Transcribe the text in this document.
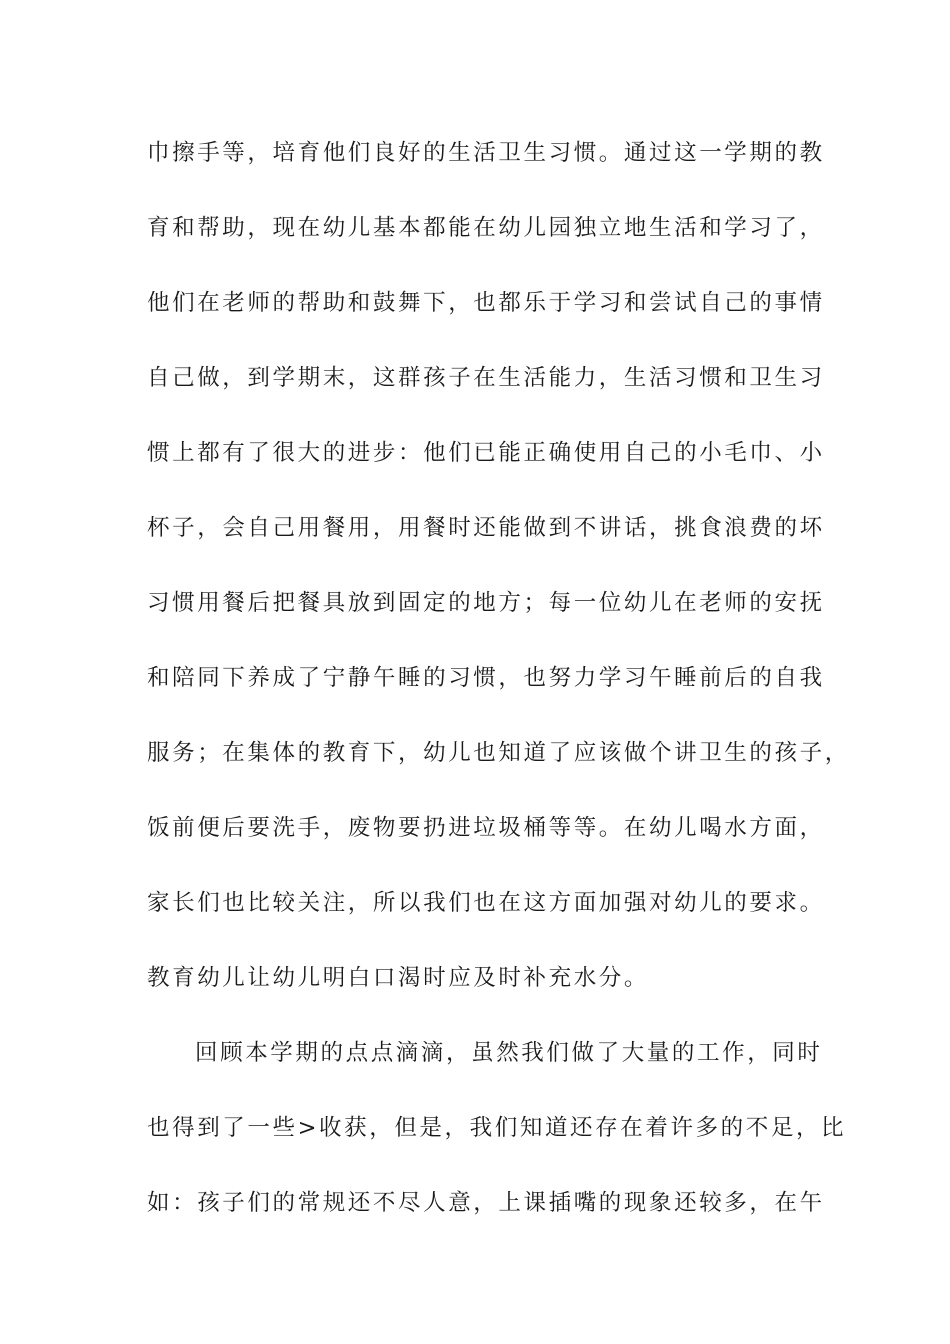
巾擦手等，培育他们良好的生活卫生习惯。通过这一学期的教
育和帮助，现在幼儿基本都能在幼儿园独立地生活和学习了，
他们在老师的帮助和鼓舞下，也都乐于学习和尝试自己的事情
自己做，到学期末，这群孩子在生活能力，生活习惯和卫生习
惯上都有了很大的进步：他们已能正确使用自己的小毛巾、小
杯子，会自己用餐用，用餐时还能做到不讲话，挑食浪费的坏
习惯用餐后把餐具放到固定的地方；每一位幼儿在老师的安抚
和陪同下养成了宁静午睡的习惯，也努力学习午睡前后的自我
服务；在集体的教育下，幼儿也知道了应该做个讲卫生的孩子，
饭前便后要洗手，废物要扔进垃圾桶等等。在幼儿喝水方面，
家长们也比较关注，所以我们也在这方面加强对幼儿的要求。
教育幼儿让幼儿明白口渴时应及时补充水分。
回顾本学期的点点滴滴，虽然我们做了大量的工作，同时
也得到了一些>收获，但是，我们知道还存在着许多的不足，比
如：孩子们的常规还不尽人意，上课插嘴的现象还较多，在午
